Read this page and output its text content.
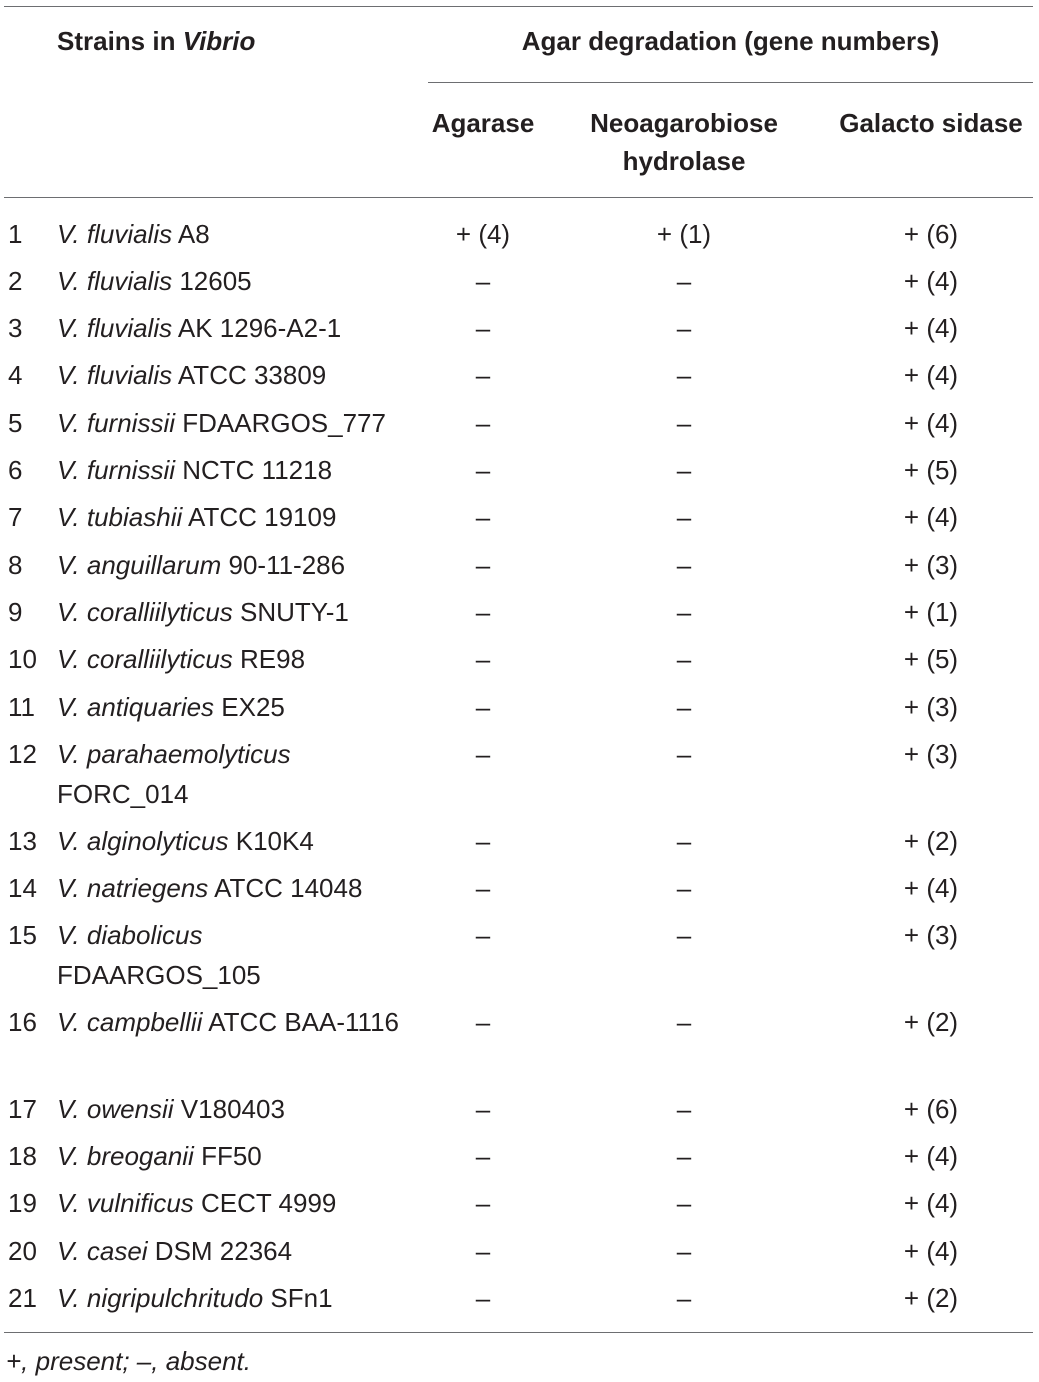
Strains in Vibrio	Agar degradation (gene numbers)
Agarase	Neoagarobiose
hydrolase
Galacto sidase
1 V. fluvialis A8	+ (4)	+ (1)	+ (6)
2 V. fluvialis 12605	–	–	+ (4)
3 V. fluvialis AK 1296-A2-1	–	–	+ (4)
4 V. fluvialis ATCC 33809	–	–	+ (4)
5 V. furnissii FDAARGOS_777	–	–	+ (4)
6 V. furnissii NCTC 11218	–	–	+ (5)
7 V. tubiashii ATCC 19109	–	–	+ (4)
8 V. anguillarum 90-11-286	–	–	+ (3)
9 V. coralliilyticus SNUTY-1	–	–	+ (1)
10 V. coralliilyticus RE98	–	–	+ (5)
11 V. antiquaries EX25	–	–	+ (3)
12 V. parahaemolyticus FORC_014
–	–	+ (3)
13 V. alginolyticus K10K4	–	–	+ (2)
14 V. natriegens ATCC 14048	–	–	+ (4)
15 V. diabolicus FDAARGOS_105
–	–	+ (3)
16 V. campbellii ATCC BAA-1116	–	–	+ (2)
17 V. owensii V180403	–	–	+ (6)
18 V. breoganii FF50	–	–	+ (4)
19 V. vulnificus CECT 4999	–	–	+ (4)
20 V. casei DSM 22364	–	–	+ (4)
21 V. nigripulchritudo SFn1	–	–	+ (2)
+, present; –, absent.
